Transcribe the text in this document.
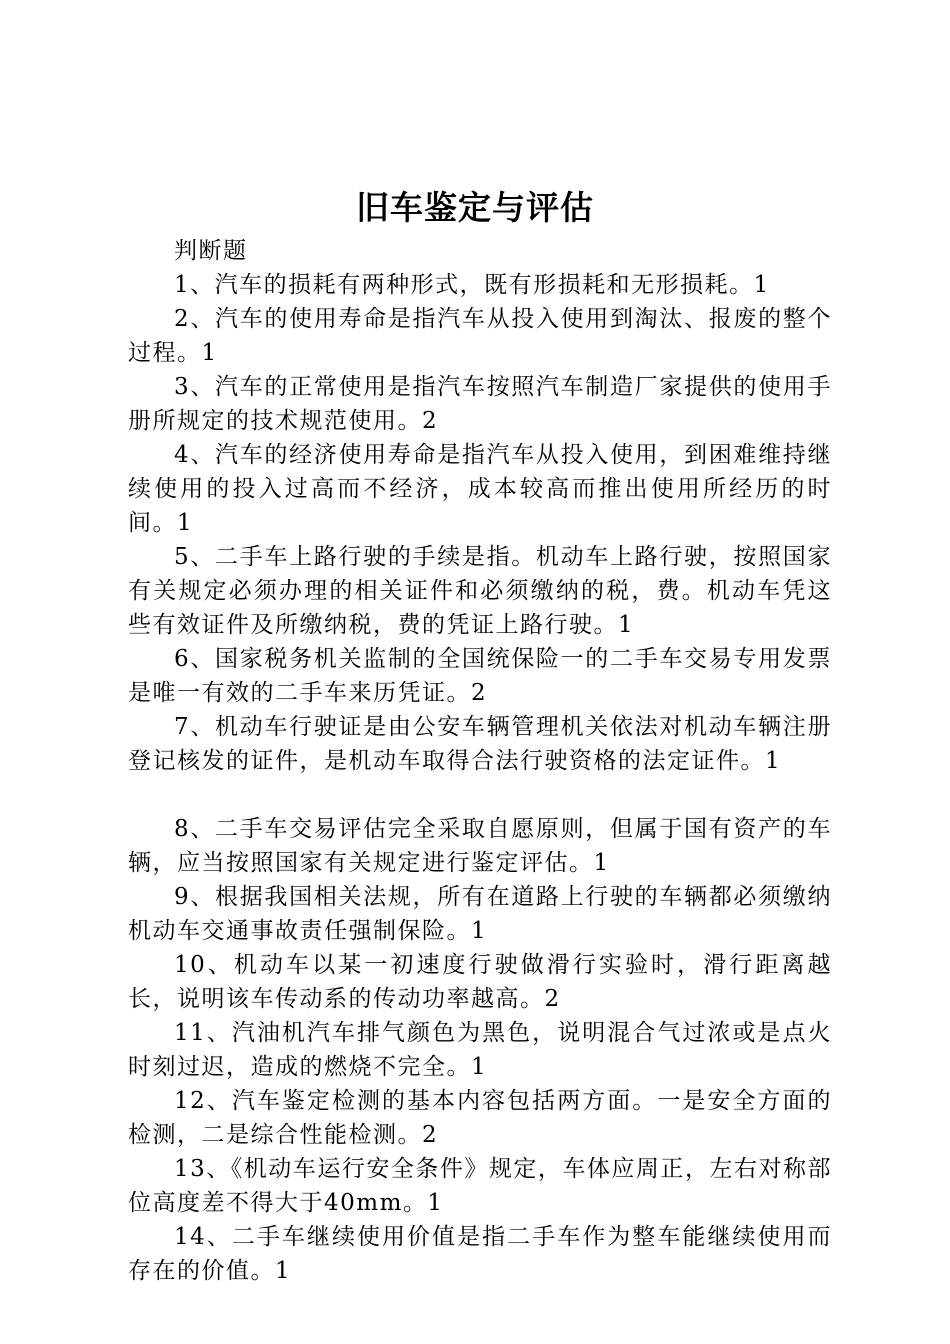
旧车鉴定与评估

判断题

1、汽车的损耗有两种形式，既有形损耗和无形损耗。1

2、汽车的使用寿命是指汽车从投入使用到淘汰、报废的整个过程。1

3、汽车的正常使用是指汽车按照汽车制造厂家提供的使用手册所规定的技术规范使用。2

4、汽车的经济使用寿命是指汽车从投入使用，到困难维持继续使用的投入过高而不经济，成本较高而推出使用所经历的时间。1

5、二手车上路行驶的手续是指。机动车上路行驶，按照国家有关规定必须办理的相关证件和必须缴纳的税，费。机动车凭这些有效证件及所缴纳税，费的凭证上路行驶。1

6、国家税务机关监制的全国统保险一的二手车交易专用发票是唯一有效的二手车来历凭证。2

7、机动车行驶证是由公安车辆管理机关依法对机动车辆注册登记核发的证件，是机动车取得合法行驶资格的法定证件。1

8、二手车交易评估完全采取自愿原则，但属于国有资产的车辆，应当按照国家有关规定进行鉴定评估。1

9、根据我国相关法规，所有在道路上行驶的车辆都必须缴纳机动车交通事故责任强制保险。1

10、机动车以某一初速度行驶做滑行实验时，滑行距离越长，说明该车传动系的传动功率越高。2

11、汽油机汽车排气颜色为黑色，说明混合气过浓或是点火时刻过迟，造成的燃烧不完全。1

12、汽车鉴定检测的基本内容包括两方面。一是安全方面的检测，二是综合性能检测。2

13、《机动车运行安全条件》规定，车体应周正，左右对称部位高度差不得大于40mm。1

14、二手车继续使用价值是指二手车作为整车能继续使用而存在的价值。1
